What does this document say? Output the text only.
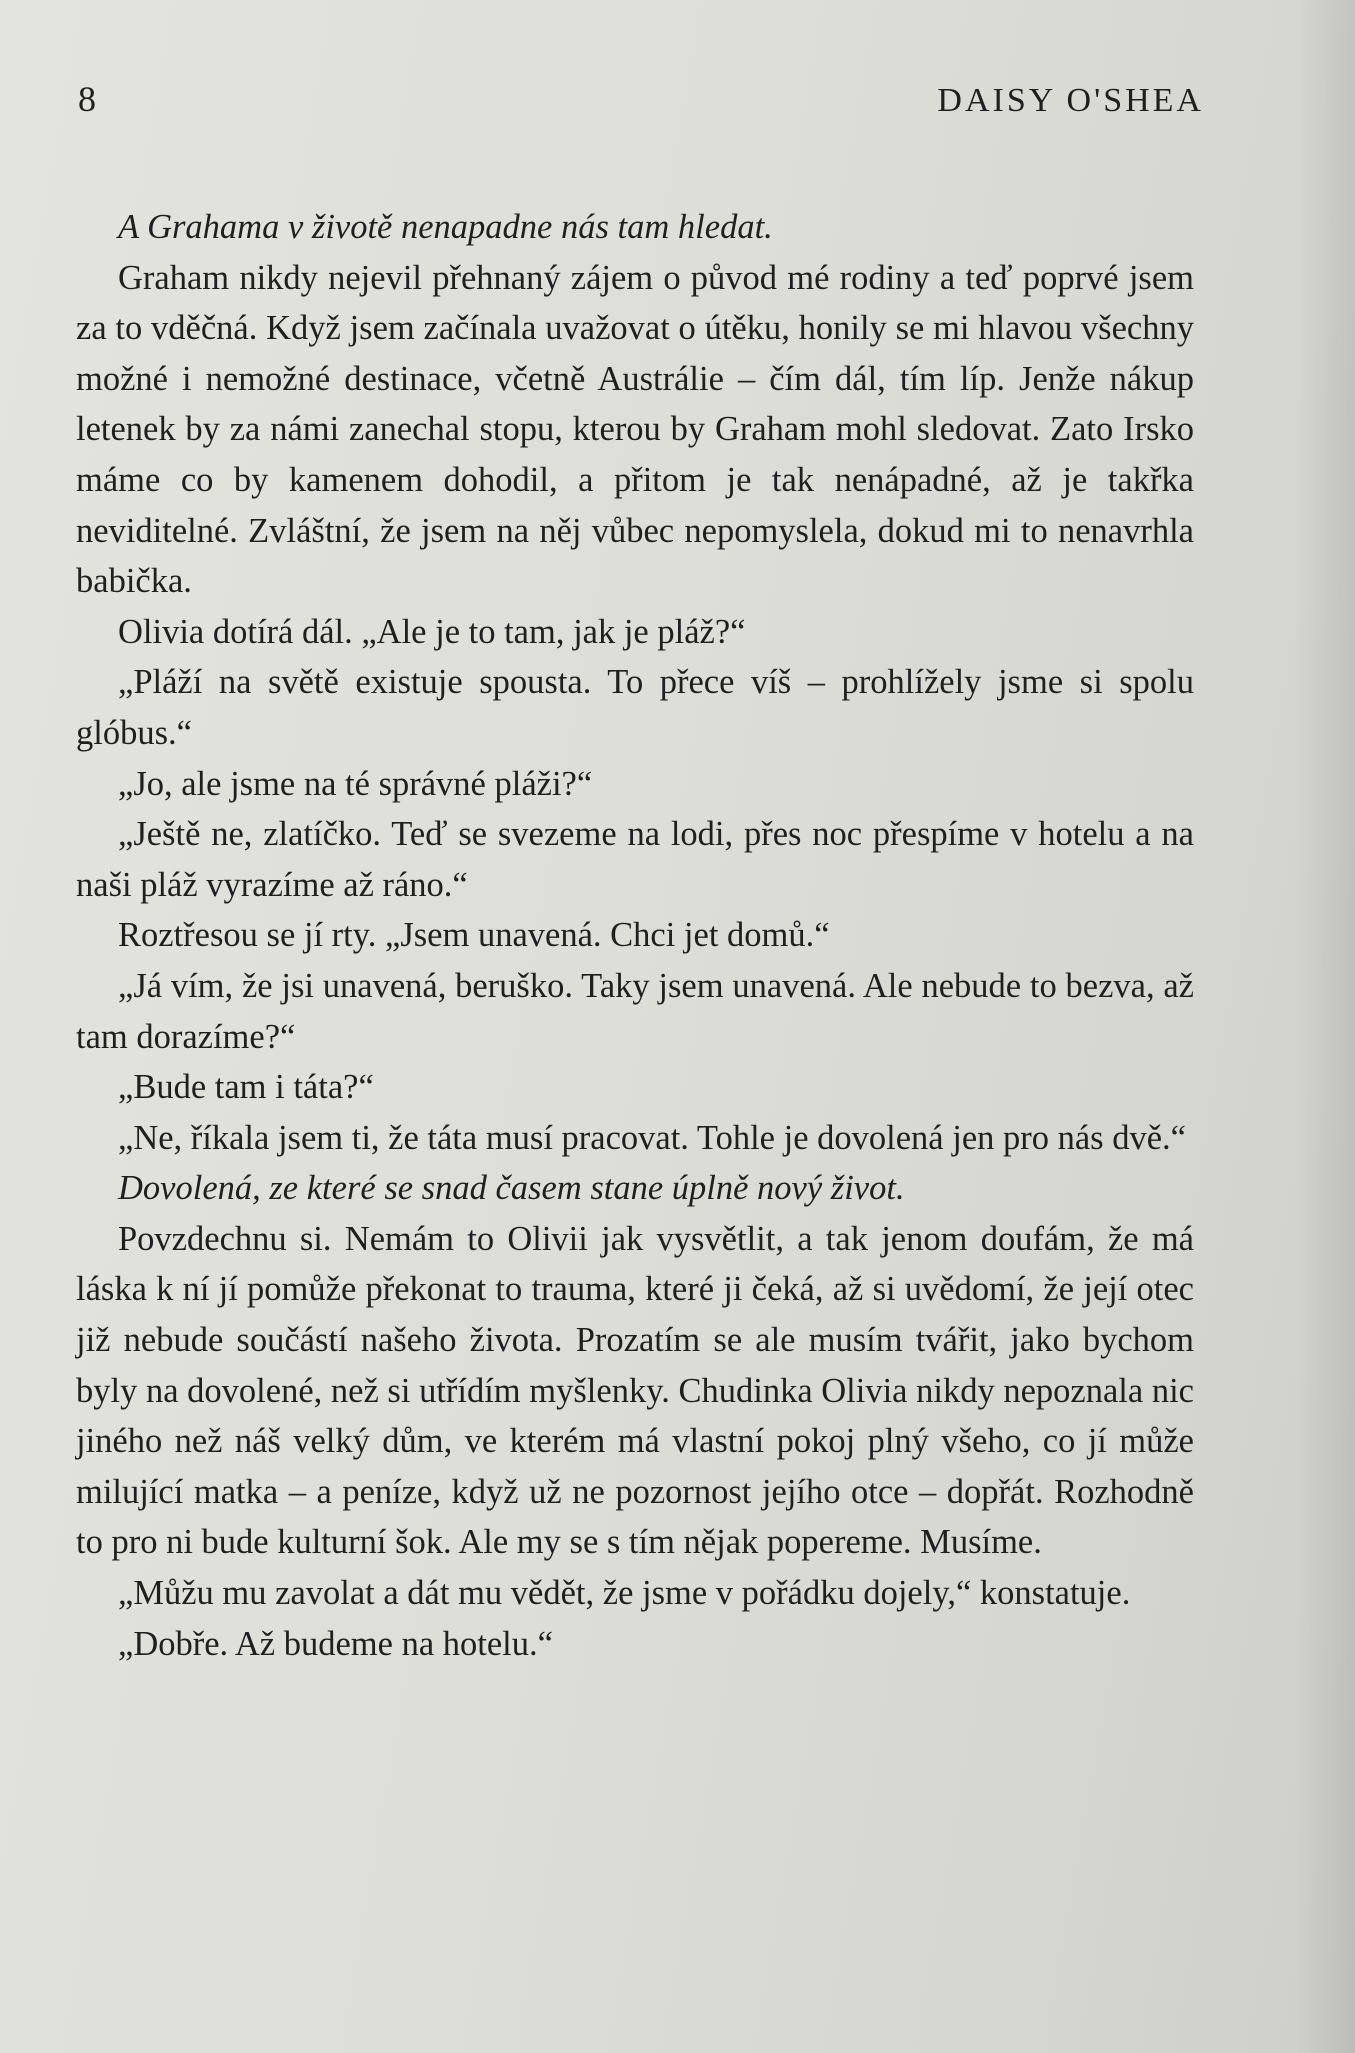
8	DAISY O'SHEA

A Grahama v životě nenapadne nás tam hledat.

Graham nikdy nejevil přehnaný zájem o původ mé rodiny a teď poprvé jsem za to vděčná. Když jsem začínala uvažovat o útěku, honily se mi hlavou všechny možné i nemožné destinace, včetně Austrálie – čím dál, tím líp. Jenže nákup letenek by za námi zanechal stopu, kterou by Graham mohl sledovat. Zato Irsko máme co by kamenem dohodil, a přitom je tak nenápadné, až je takřka neviditelné. Zvláštní, že jsem na něj vůbec nepomyslela, dokud mi to nenavrhla babička.

Olivia dotírá dál. „Ale je to tam, jak je pláž?“

„Pláží na světě existuje spousta. To přece víš – prohlížely jsme si spolu glóbus.“

„Jo, ale jsme na té správné pláži?“

„Ještě ne, zlatíčko. Teď se svezeme na lodi, přes noc přespíme v hotelu a na naši pláž vyrazíme až ráno.“

Roztřesou se jí rty. „Jsem unavená. Chci jet domů.“

„Já vím, že jsi unavená, beruško. Taky jsem unavená. Ale nebude to bezva, až tam dorazíme?“

„Bude tam i táta?“

„Ne, říkala jsem ti, že táta musí pracovat. Tohle je dovolená jen pro nás dvě.“

Dovolená, ze které se snad časem stane úplně nový život.

Povzdechnu si. Nemám to Olivii jak vysvětlit, a tak jenom doufám, že má láska k ní jí pomůže překonat to trauma, které ji čeká, až si uvědomí, že její otec již nebude součástí našeho života. Prozatím se ale musím tvářit, jako bychom byly na dovolené, než si utřídím myšlenky. Chudinka Olivia nikdy nepoznala nic jiného než náš velký dům, ve kterém má vlastní pokoj plný všeho, co jí může milující matka – a peníze, když už ne pozornost jejího otce – dopřát. Rozhodně to pro ni bude kulturní šok. Ale my se s tím nějak popereme. Musíme.

„Můžu mu zavolat a dát mu vědět, že jsme v pořádku dojely,“ konstatuje.

„Dobře. Až budeme na hotelu.“
